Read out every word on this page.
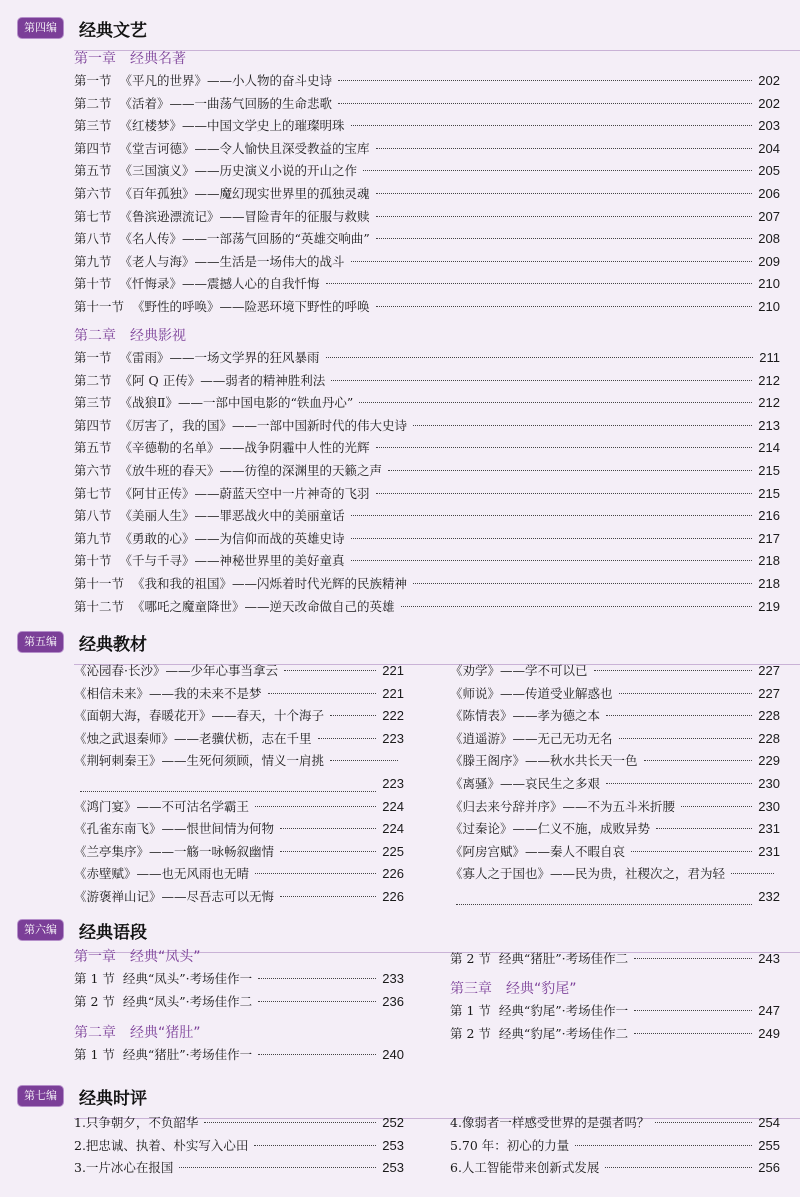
第四编	经典文艺
第一章　经典名著
第一节 《平凡的世界》——小人物的奋斗史诗	202
第二节 《活着》——一曲荡气回肠的生命悲歌	202
第三节 《红楼梦》——中国文学史上的璀璨明珠	203
第四节 《堂吉诃德》——令人愉快且深受教益的宝库	204
第五节 《三国演义》——历史演义小说的开山之作	205
第六节 《百年孤独》——魔幻现实世界里的孤独灵魂	206
第七节 《鲁滨逊漂流记》——冒险青年的征服与救赎	207
第八节 《名人传》——一部荡气回肠的“英雄交响曲”	208
第九节 《老人与海》——生活是一场伟大的战斗	209
第十节 《忏悔录》——震撼人心的自我忏悔	210
第十一节 《野性的呼唤》——险恶环境下野性的呼唤	210
第二章　经典影视
第一节 《雷雨》——一场文学界的狂风暴雨	211
第二节 《阿 Q 正传》——弱者的精神胜利法	212
第三节 《战狼Ⅱ》——一部中国电影的“铁血丹心”	212
第四节 《厉害了，我的国》——一部中国新时代的伟大史诗	213
第五节 《辛德勒的名单》——战争阴霾中人性的光辉	214
第六节 《放牛班的春天》——彷徨的深渊里的天籁之声	215
第七节 《阿甘正传》——蔚蓝天空中一片神奇的飞羽	215
第八节 《美丽人生》——罪恶战火中的美丽童话	216
第九节 《勇敢的心》——为信仰而战的英雄史诗	217
第十节 《千与千寻》——神秘世界里的美好童真	218
第十一节 《我和我的祖国》——闪烁着时代光辉的民族精神	218
第十二节 《哪吒之魔童降世》——逆天改命做自己的英雄	219
第五编	经典教材
《沁园春·长沙》——少年心事当拿云	221
《相信未来》——我的未来不是梦	221
《面朝大海，春暖花开》——春天，十个海子	222
《烛之武退秦师》——老骥伏枥，志在千里	223
《荆轲刺秦王》——生死何须顾，情义一肩挑
223
《鸿门宴》——不可沽名学霸王	224
《孔雀东南飞》——恨世间情为何物	224
《兰亭集序》——一觞一咏畅叙幽情	225
《赤壁赋》——也无风雨也无晴	226
《游褒禅山记》——尽吾志可以无悔	226
《劝学》——学不可以已	227
《师说》——传道受业解惑也	227
《陈情表》——孝为德之本	228
《逍遥游》——无己无功无名	228
《滕王阁序》——秋水共长天一色	229
《离骚》——哀民生之多艰	230
《归去来兮辞并序》——不为五斗米折腰	230
《过秦论》——仁义不施，成败异势	231
《阿房宫赋》——秦人不暇自哀	231
《寡人之于国也》——民为贵，社稷次之，君为轻
232
第六编	经典语段
第一章　经典“凤头”
第 1 节 经典“凤头”·考场佳作一	233
第 2 节 经典“凤头”·考场佳作二	236
第二章　经典“猪肚”
第 1 节 经典“猪肚”·考场佳作一	240
第 2 节 经典“猪肚”·考场佳作二	243
第三章　经典“豹尾”
第 1 节 经典“豹尾”·考场佳作一	247
第 2 节 经典“豹尾”·考场佳作二	249
第七编	经典时评
1.只争朝夕，不负韶华	252
2.把忠诚、执着、朴实写入心田	253
3.一片冰心在报国	253
4.像弱者一样感受世界的是强者吗？	254
5.70 年：初心的力量	255
6.人工智能带来创新式发展	256
